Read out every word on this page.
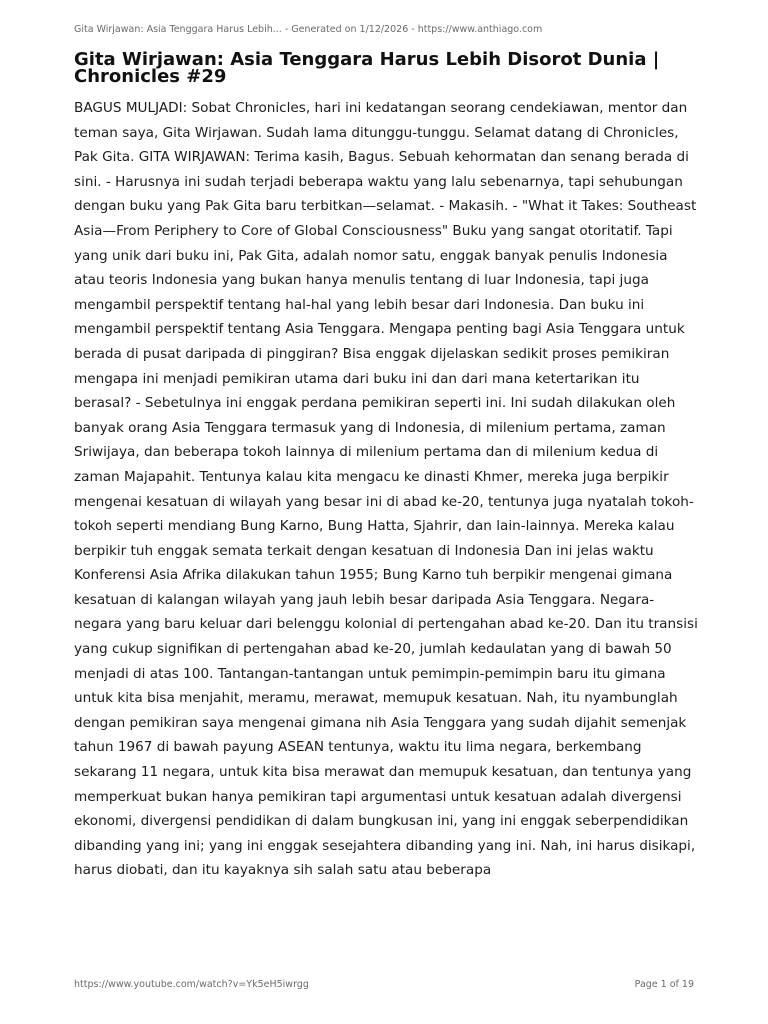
Gita Wirjawan: Asia Tenggara Harus Lebih... - Generated on 1/12/2026 - https://www.anthiago.com
Gita Wirjawan: Asia Tenggara Harus Lebih Disorot Dunia | Chronicles #29

BAGUS MULJADI: Sobat Chronicles, hari ini kedatangan seorang cendekiawan, mentor dan teman saya, Gita Wirjawan. Sudah lama ditunggu-tunggu. Selamat datang di Chronicles, Pak Gita. GITA WIRJAWAN: Terima kasih, Bagus. Sebuah kehormatan dan senang berada di sini. - Harusnya ini sudah terjadi beberapa waktu yang lalu sebenarnya, tapi sehubungan dengan buku yang Pak Gita baru terbitkan—selamat. - Makasih. - "What it Takes: Southeast Asia—From Periphery to Core of Global Consciousness" Buku yang sangat otoritatif. Tapi yang unik dari buku ini, Pak Gita, adalah nomor satu, enggak banyak penulis Indonesia atau teoris Indonesia yang bukan hanya menulis tentang di luar Indonesia, tapi juga mengambil perspektif tentang hal-hal yang lebih besar dari Indonesia. Dan buku ini mengambil perspektif tentang Asia Tenggara. Mengapa penting bagi Asia Tenggara untuk berada di pusat daripada di pinggiran? Bisa enggak dijelaskan sedikit proses pemikiran mengapa ini menjadi pemikiran utama dari buku ini dan dari mana ketertarikan itu berasal? - Sebetulnya ini enggak perdana pemikiran seperti ini. Ini sudah dilakukan oleh banyak orang Asia Tenggara termasuk yang di Indonesia, di milenium pertama, zaman Sriwijaya, dan beberapa tokoh lainnya di milenium pertama dan di milenium kedua di zaman Majapahit. Tentunya kalau kita mengacu ke dinasti Khmer, mereka juga berpikir mengenai kesatuan di wilayah yang besar ini di abad ke-20, tentunya juga nyatalah tokoh- tokoh seperti mendiang Bung Karno, Bung Hatta, Sjahrir, dan lain-lainnya. Mereka kalau berpikir tuh enggak semata terkait dengan kesatuan di Indonesia Dan ini jelas waktu Konferensi Asia Afrika dilakukan tahun 1955; Bung Karno tuh berpikir mengenai gimana kesatuan di kalangan wilayah yang jauh lebih besar daripada Asia Tenggara. Negara-negara yang baru keluar dari belenggu kolonial di pertengahan abad ke-20. Dan itu transisi yang cukup signifikan di pertengahan abad ke-20, jumlah kedaulatan yang di bawah 50 menjadi di atas 100. Tantangan-tantangan untuk pemimpin-pemimpin baru itu gimana untuk kita bisa menjahit, meramu, merawat, memupuk kesatuan. Nah, itu nyambunglah dengan pemikiran saya mengenai gimana nih Asia Tenggara yang sudah dijahit semenjak tahun 1967 di bawah payung ASEAN tentunya, waktu itu lima negara, berkembang sekarang 11 negara, untuk kita bisa merawat dan memupuk kesatuan, dan tentunya yang memperkuat bukan hanya pemikiran tapi argumentasi untuk kesatuan adalah divergensi ekonomi, divergensi pendidikan di dalam bungkusan ini, yang ini enggak seberpendidikan dibanding yang ini; yang ini enggak sesejahtera dibanding yang ini. Nah, ini harus disikapi, harus diobati, dan itu kayaknya sih salah satu atau beberapa

https://www.youtube.com/watch?v=Yk5eH5iwrgg	Page 1 of 19
